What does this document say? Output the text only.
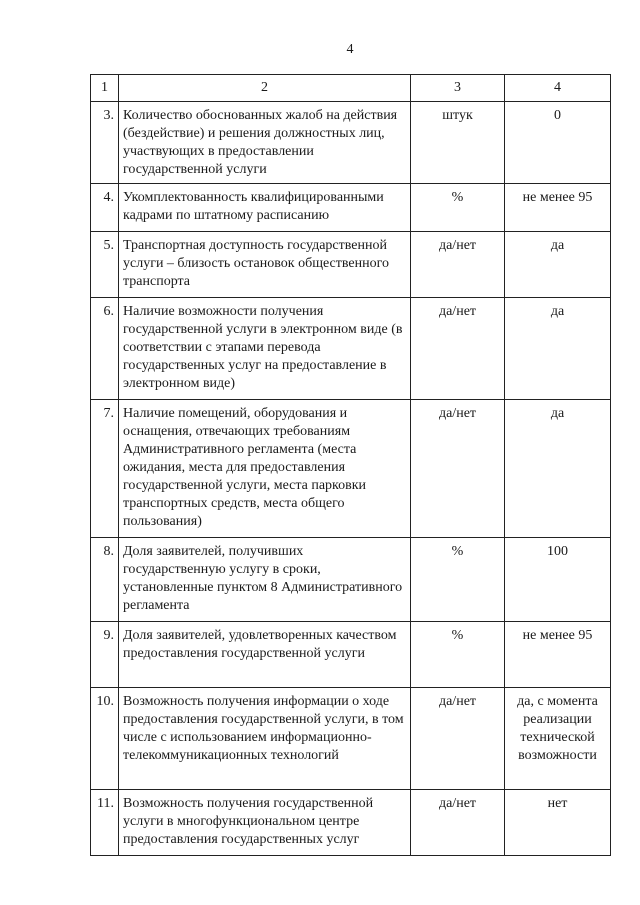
4
1	2	3	4
3.	Количество обоснованных жалоб на действия (бездействие) и решения должностных лиц, участвующих в предоставлении государственной услуги	штук	0
4.	Укомплектованность квалифицированными кадрами по штатному расписанию	%	не менее 95
5.	Транспортная доступность государственной услуги – близость остановок общественного транспорта	да/нет	да
6.	Наличие возможности получения государственной услуги в электронном виде (в соответствии с этапами перевода государственных услуг на предоставление в электронном виде)	да/нет	да
7.	Наличие помещений, оборудования и оснащения, отвечающих требованиям Административного регламента (места ожидания, места для предоставления государственной услуги, места парковки транспортных средств, места общего пользования)	да/нет	да
8.	Доля заявителей, получивших государственную услугу в сроки, установленные пунктом 8 Административного регламента	%	100
9.	Доля заявителей, удовлетворенных качеством предоставления государственной услуги	%	не менее 95
10.	Возможность получения информации о ходе предоставления государственной услуги, в том числе с использованием информационно-телекоммуникационных технологий	да/нет	да, с момента реализации технической возможности
11.	Возможность получения государственной услуги в многофункциональном центре предоставления государственных услуг	да/нет	нет
